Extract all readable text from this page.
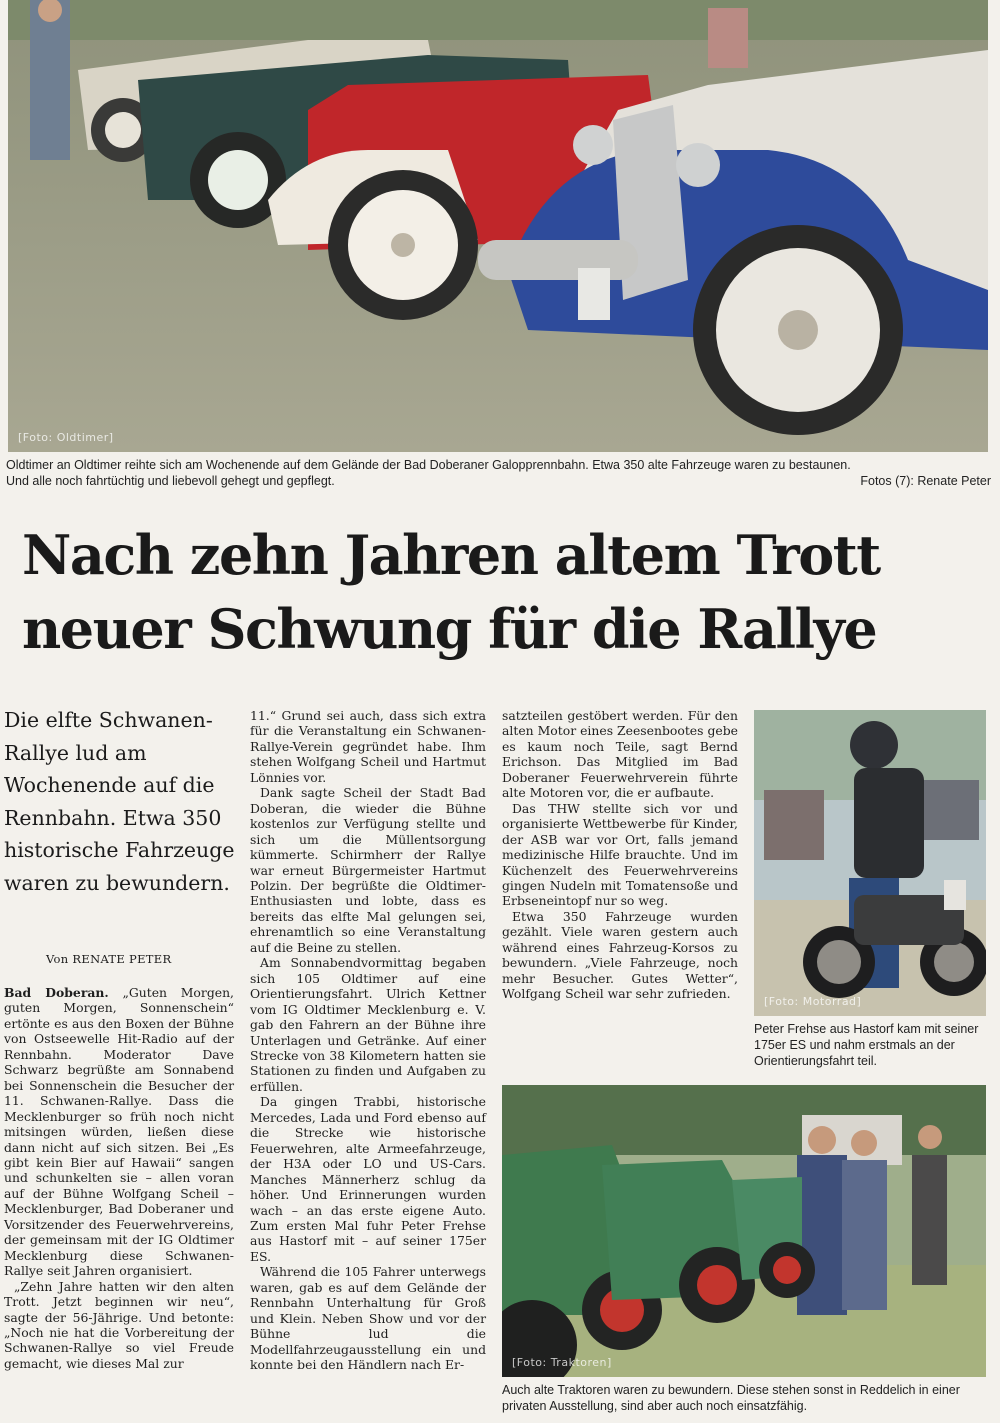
[Foto: Oldtimer]
Oldtimer an Oldtimer reihte sich am Wochenende auf dem Gelände der Bad Doberaner Galopprennbahn. Etwa 350 alte Fahrzeuge waren zu bestaunen.
Und alle noch fahrtüchtig und liebevoll gehegt und gepflegt.	Fotos (7): Renate Peter
Nach zehn Jahren altem Trott
neuer Schwung für die Rallye

Die elfte Schwanen-Rallye lud am Wochenende auf die Rennbahn. Etwa 350 historische Fahrzeuge waren zu bewundern.

Von RENATE PETER

Bad Doberan. „Guten Morgen, guten Morgen, Sonnenschein“ ertönte es aus den Boxen der Bühne von Ostseewelle Hit-Radio auf der Rennbahn. Moderator Dave Schwarz begrüßte am Sonnabend bei Sonnenschein die Besucher der 11. Schwanen-Rallye. Dass die Mecklenburger so früh noch nicht mitsingen würden, ließen diese dann nicht auf sich sitzen. Bei „Es gibt kein Bier auf Hawaii“ sangen und schunkelten sie – allen voran auf der Bühne Wolfgang Scheil – Mecklenburger, Bad Doberaner und Vorsitzender des Feuerwehrvereins, der gemeinsam mit der IG Oldtimer Mecklenburg diese Schwanen-Rallye seit Jahren organisiert.

„Zehn Jahre hatten wir den alten Trott. Jetzt beginnen wir neu“, sagte der 56-Jährige. Und betonte: „Noch nie hat die Vorbereitung der Schwanen-Rallye so viel Freude gemacht, wie dieses Mal zur

11.“ Grund sei auch, dass sich extra für die Veranstaltung ein Schwanen-Rallye-Verein gegründet habe. Ihm stehen Wolfgang Scheil und Hartmut Lönnies vor.

Dank sagte Scheil der Stadt Bad Doberan, die wieder die Bühne kostenlos zur Verfügung stellte und sich um die Müllentsorgung kümmerte. Schirmherr der Rallye war erneut Bürgermeister Hartmut Polzin. Der begrüßte die Oldtimer-Enthusiasten und lobte, dass es bereits das elfte Mal gelungen sei, ehrenamtlich so eine Veranstaltung auf die Beine zu stellen.

Am Sonnabendvormittag begaben sich 105 Oldtimer auf eine Orientierungsfahrt. Ulrich Kettner vom IG Oldtimer Mecklenburg e. V. gab den Fahrern an der Bühne ihre Unterlagen und Getränke. Auf einer Strecke von 38 Kilometern hatten sie Stationen zu finden und Aufgaben zu erfüllen.

Da gingen Trabbi, historische Mercedes, Lada und Ford ebenso auf die Strecke wie historische Feuerwehren, alte Armeefahrzeuge, der H3A oder LO und US-Cars. Manches Männerherz schlug da höher. Und Erinnerungen wurden wach – an das erste eigene Auto. Zum ersten Mal fuhr Peter Frehse aus Hastorf mit – auf seiner 175er ES.

Während die 105 Fahrer unterwegs waren, gab es auf dem Gelände der Rennbahn Unterhaltung für Groß und Klein. Neben Show und vor der Bühne lud die Modellfahrzeugausstellung ein und konnte bei den Händlern nach Er-

satzteilen gestöbert werden. Für den alten Motor eines Zeesenbootes gebe es kaum noch Teile, sagt Bernd Erichson. Das Mitglied im Bad Doberaner Feuerwehrverein führte alte Motoren vor, die er aufbaute.

Das THW stellte sich vor und organisierte Wettbewerbe für Kinder, der ASB war vor Ort, falls jemand medizinische Hilfe brauchte. Und im Küchenzelt des Feuerwehrvereins gingen Nudeln mit Tomatensoße und Erbseneintopf nur so weg.

Etwa 350 Fahrzeuge wurden gezählt. Viele waren gestern auch während eines Fahrzeug-Korsos zu bewundern. „Viele Fahrzeuge, noch mehr Besucher. Gutes Wetter“, Wolfgang Scheil war sehr zufrieden.

[Foto: Motorrad]
Peter Frehse aus Hastorf kam mit seiner 175er ES und nahm erstmals an der Orientierungsfahrt teil.
[Foto: Traktoren]
Auch alte Traktoren waren zu bewundern. Diese stehen sonst in Reddelich in einer privaten Ausstellung, sind aber auch noch einsatzfähig.
